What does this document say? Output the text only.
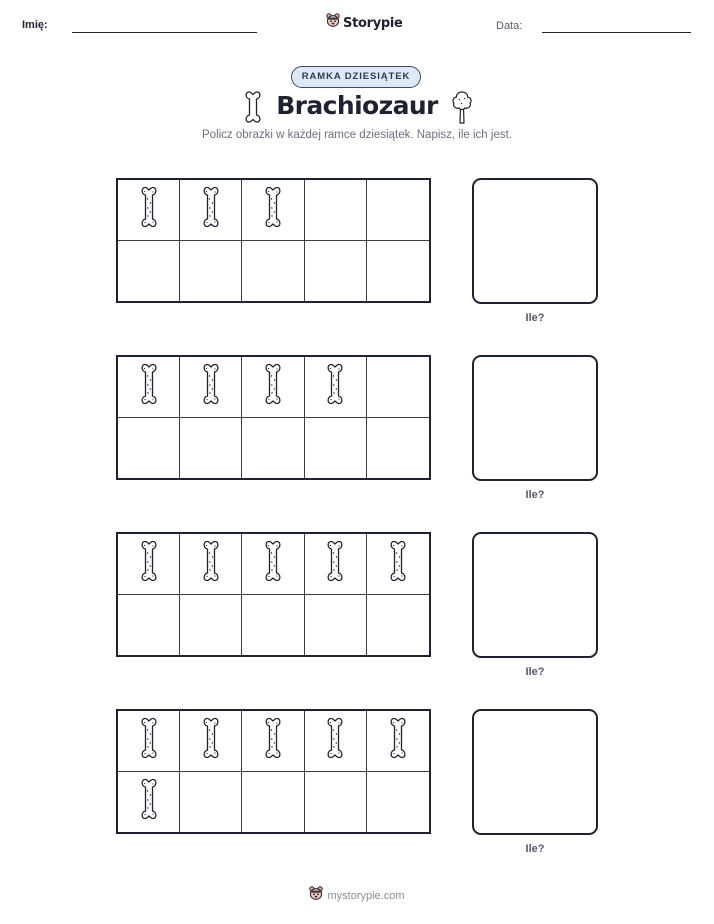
Imię:	Storypie	Data:
RAMKA DZIESIĄTEK
Brachiozaur
Policz obrazki w każdej ramce dziesiątek. Napisz, ile ich jest.
Ile?
Ile?
Ile?
Ile?
mystorypie.com
